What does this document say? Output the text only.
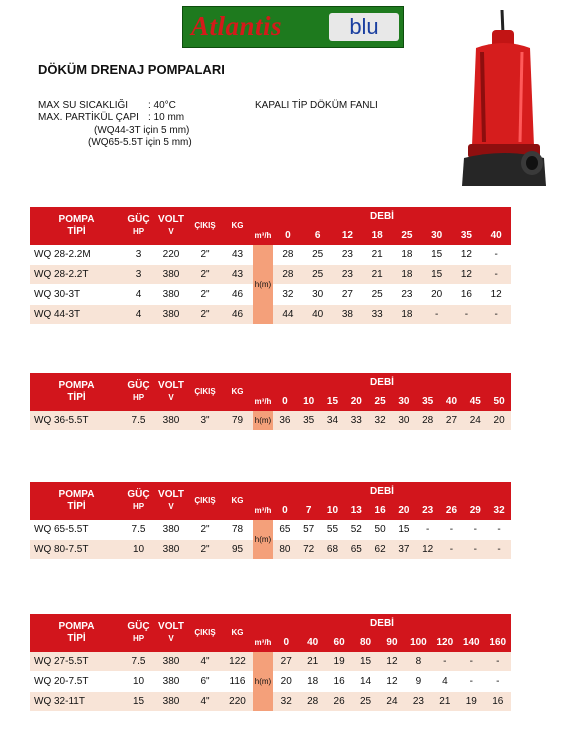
Atlantis	blu
DÖKÜM DRENAJ POMPALARI
MAX SU SICAKLIĞI : 40°C
MAX. PARTİKÜL ÇAPI : 10 mm
(WQ44-3T için 5 mm)
(WQ65-5.5T için 5 mm)
KAPALI TİP DÖKÜM FANLI
POMPA
TİPİ	GÜÇ
HP	VOLT
V	ÇIKIŞ	KG	DEBİ								
					m³/h	0	6	12	18	25	30	35	40
WQ 28-2.2M	3	220	2"	43	h(m)	28	25	23	21	18	15	12	-
WQ 28-2.2T	3	380	2"	43		28	25	23	21	18	15	12	-
WQ 30-3T	4	380	2"	46		32	30	27	25	23	20	16	12
WQ 44-3T	4	380	2"	46		44	40	38	33	18	-	-	-
POMPA
TİPİ	GÜÇ
HP	VOLT
V	ÇIKIŞ	KG	DEBİ										
					m³/h	0	10	15	20	25	30	35	40	45	50
WQ 36-5.5T	7.5	380	3"	79	h(m)	36	35	34	33	32	30	28	27	24	20
POMPA
TİPİ	GÜÇ
HP	VOLT
V	ÇIKIŞ	KG	DEBİ										
					m³/h	0	7	10	13	16	20	23	26	29	32
WQ 65-5.5T	7.5	380	2"	78	h(m)	65	57	55	52	50	15	-	-	-	-
WQ 80-7.5T	10	380	2"	95		80	72	68	65	62	37	12	-	-	-
POMPA
TİPİ	GÜÇ
HP	VOLT
V	ÇIKIŞ	KG	DEBİ									
					m³/h	0	40	60	80	90	100	120	140	160
WQ 27-5.5T	7.5	380	4"	122	h(m)	27	21	19	15	12	8	-	-	-
WQ 20-7.5T	10	380	6"	116		20	18	16	14	12	9	4	-	-
WQ 32-11T	15	380	4"	220		32	28	26	25	24	23	21	19	16
